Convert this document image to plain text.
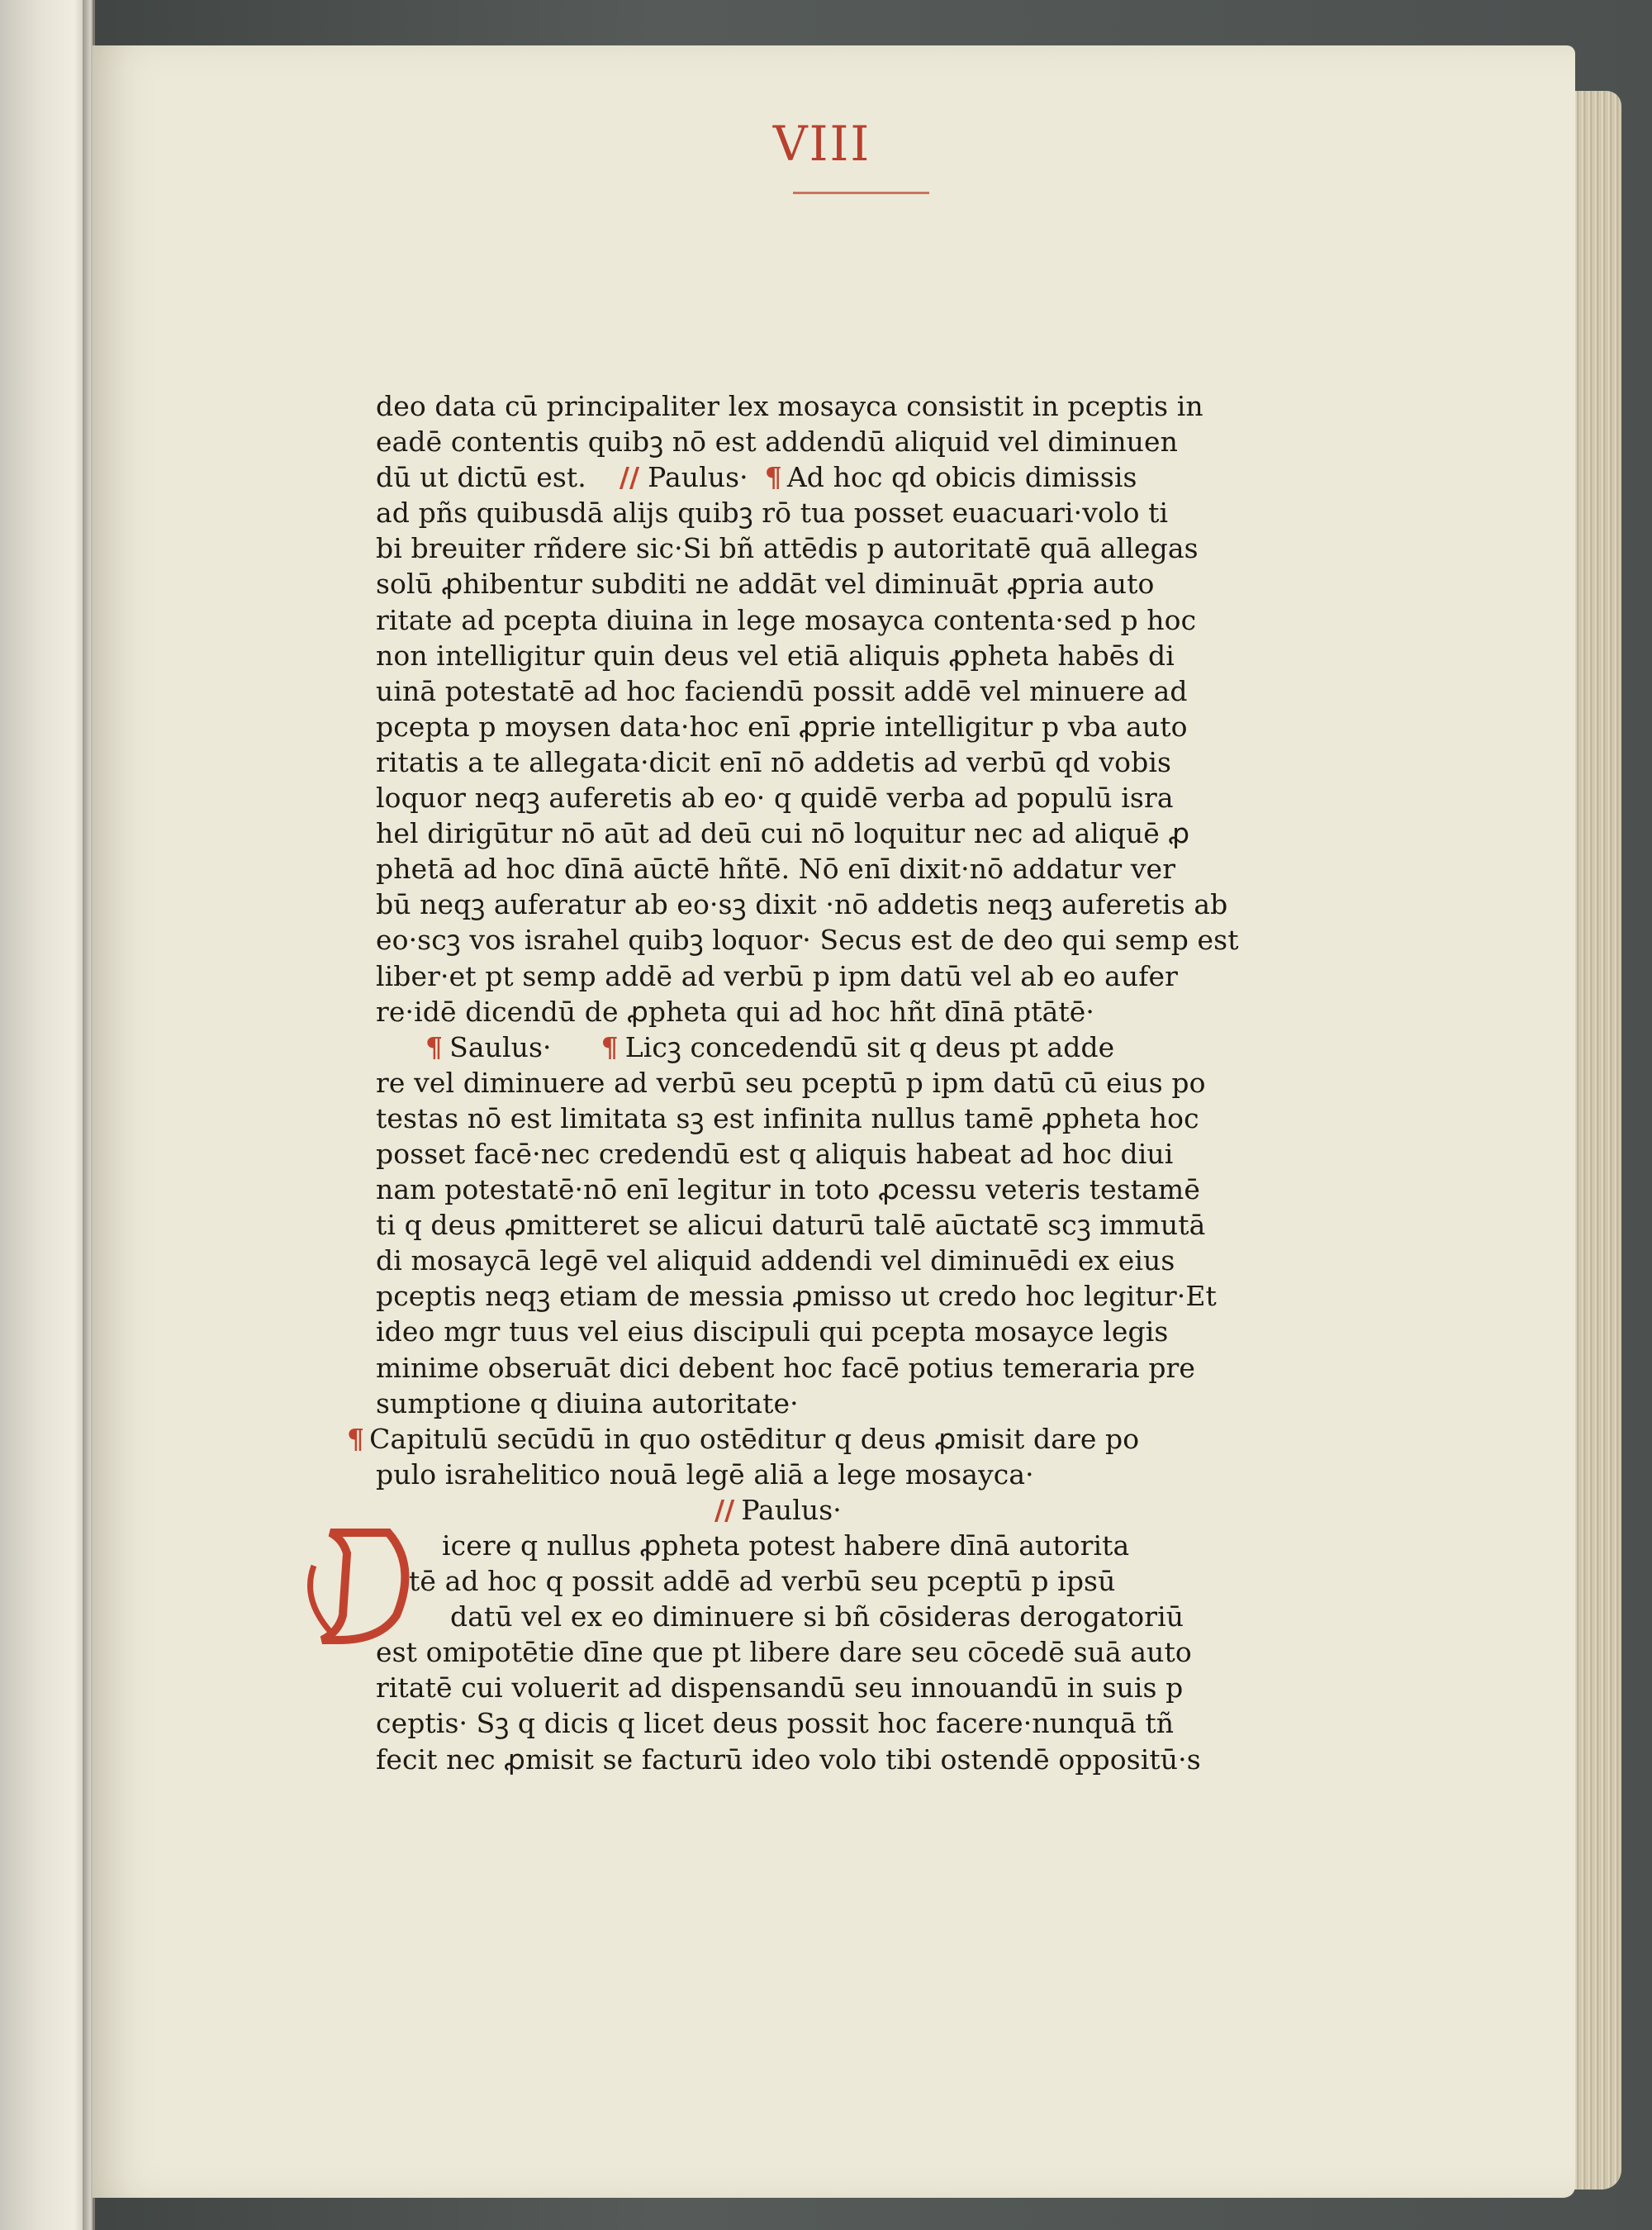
VIII
deo data cū principaliter lex mosayca consistit in pceptis in
eadē contentis quibꝫ nō est addendū aliquid vel diminuen
dū ut dictū est. // Paulus· ¶ Ad hoc qd obicis dimissis
ad pñs quibusdā alijs quibꝫ rō tua posset euacuari·volo ti
bi breuiter rñdere sic·Si bñ attēdis p autoritatē quā allegas
solū ꝓhibentur subditi ne addāt vel diminuāt ꝓpria auto
ritate ad pcepta diuina in lege mosayca contenta·sed p hoc
non intelligitur quin deus vel etiā aliquis ꝓpheta habēs di
uinā potestatē ad hoc faciendū possit addē vel minuere ad
pcepta p moysen data·hoc enī ꝓprie intelligitur p vba auto
ritatis a te allegata·dicit enī nō addetis ad verbū qd vobis
loquor neqꝫ auferetis ab eo· q quidē verba ad populū isra
hel dirigūtur nō aūt ad deū cui nō loquitur nec ad aliquē ꝓ
phetā ad hoc dīnā aūctē hñtē. Nō enī dixit·nō addatur ver
bū neqꝫ auferatur ab eo·sꝫ dixit ·nō addetis neqꝫ auferetis ab
eo·scꝫ vos israhel quibꝫ loquor· Secus est de deo qui semp est
liber·et pt semp addē ad verbū p ipm datū vel ab eo aufer
re·idē dicendū de ꝓpheta qui ad hoc hñt dīnā ptātē·
¶ Saulus· ¶ Licꝫ concedendū sit q deus pt adde
re vel diminuere ad verbū seu pceptū p ipm datū cū eius po
testas nō est limitata sꝫ est infinita nullus tamē ꝓpheta hoc
posset facē·nec credendū est q aliquis habeat ad hoc diui
nam potestatē·nō enī legitur in toto ꝓcessu veteris testamē
ti q deus ꝓmitteret se alicui daturū talē aūctatē scꝫ immutā
di mosaycā legē vel aliquid addendi vel diminuēdi ex eius
pceptis neqꝫ etiam de messia ꝓmisso ut credo hoc legitur·Et
ideo mgr tuus vel eius discipuli qui pcepta mosayce legis
minime obseruāt dici debent hoc facē potius temeraria pre
sumptione q diuina autoritate·
¶ Capitulū secūdū in quo ostēditur q deus ꝓmisit dare po
pulo israhelitico nouā legē aliā a lege mosayca·
// Paulus·
icere q nullus ꝓpheta potest habere dīnā autorita
tē ad hoc q possit addē ad verbū seu pceptū p ipsū
datū vel ex eo diminuere si bñ cōsideras derogatoriū
est omipotētie dīne que pt libere dare seu cōcedē suā auto
ritatē cui voluerit ad dispensandū seu innouandū in suis p
ceptis· Sꝫ q dicis q licet deus possit hoc facere·nunquā tñ
fecit nec ꝓmisit se facturū ideo volo tibi ostendē oppositū·s
